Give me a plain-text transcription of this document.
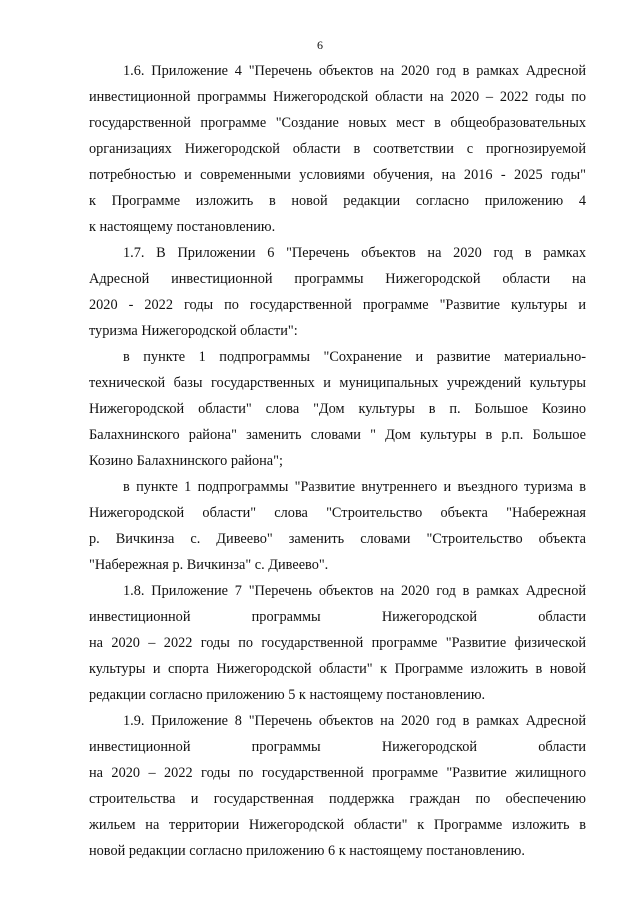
6
1.6. Приложение 4 "Перечень объектов на 2020 год в рамках Адресной
инвестиционной программы Нижегородской области на 2020 – 2022 годы по
государственной программе "Создание новых мест в общеобразовательных
организациях Нижегородской области в соответствии с прогнозируемой
потребностью и современными условиями обучения, на 2016 - 2025 годы"
к Программе изложить в новой редакции согласно приложению 4
к настоящему постановлению.
1.7. В Приложении 6 "Перечень объектов на 2020 год в рамках
Адресной инвестиционной программы Нижегородской области на
2020 - 2022 годы по государственной программе "Развитие культуры и
туризма Нижегородской области":
в пункте 1 подпрограммы "Сохранение и развитие материально-
технической базы государственных и муниципальных учреждений культуры
Нижегородской области" слова "Дом культуры в п. Большое Козино
Балахнинского района" заменить словами " Дом культуры в р.п. Большое
Козино Балахнинского района";
в пункте 1 подпрограммы "Развитие внутреннего и въездного туризма в
Нижегородской области" слова "Строительство объекта "Набережная
р. Вичкинза с. Дивеево" заменить словами "Строительство объекта
"Набережная р. Вичкинза" с. Дивеево".
1.8. Приложение 7 "Перечень объектов на 2020 год в рамках Адресной
инвестиционной программы Нижегородской области
на 2020 – 2022 годы по государственной программе "Развитие физической
культуры и спорта Нижегородской области" к Программе изложить в новой
редакции согласно приложению 5 к настоящему постановлению.
1.9. Приложение 8 "Перечень объектов на 2020 год в рамках Адресной
инвестиционной программы Нижегородской области
на 2020 – 2022 годы по государственной программе "Развитие жилищного
строительства и государственная поддержка граждан по обеспечению
жильем на территории Нижегородской области" к Программе изложить в
новой редакции согласно приложению 6 к настоящему постановлению.
